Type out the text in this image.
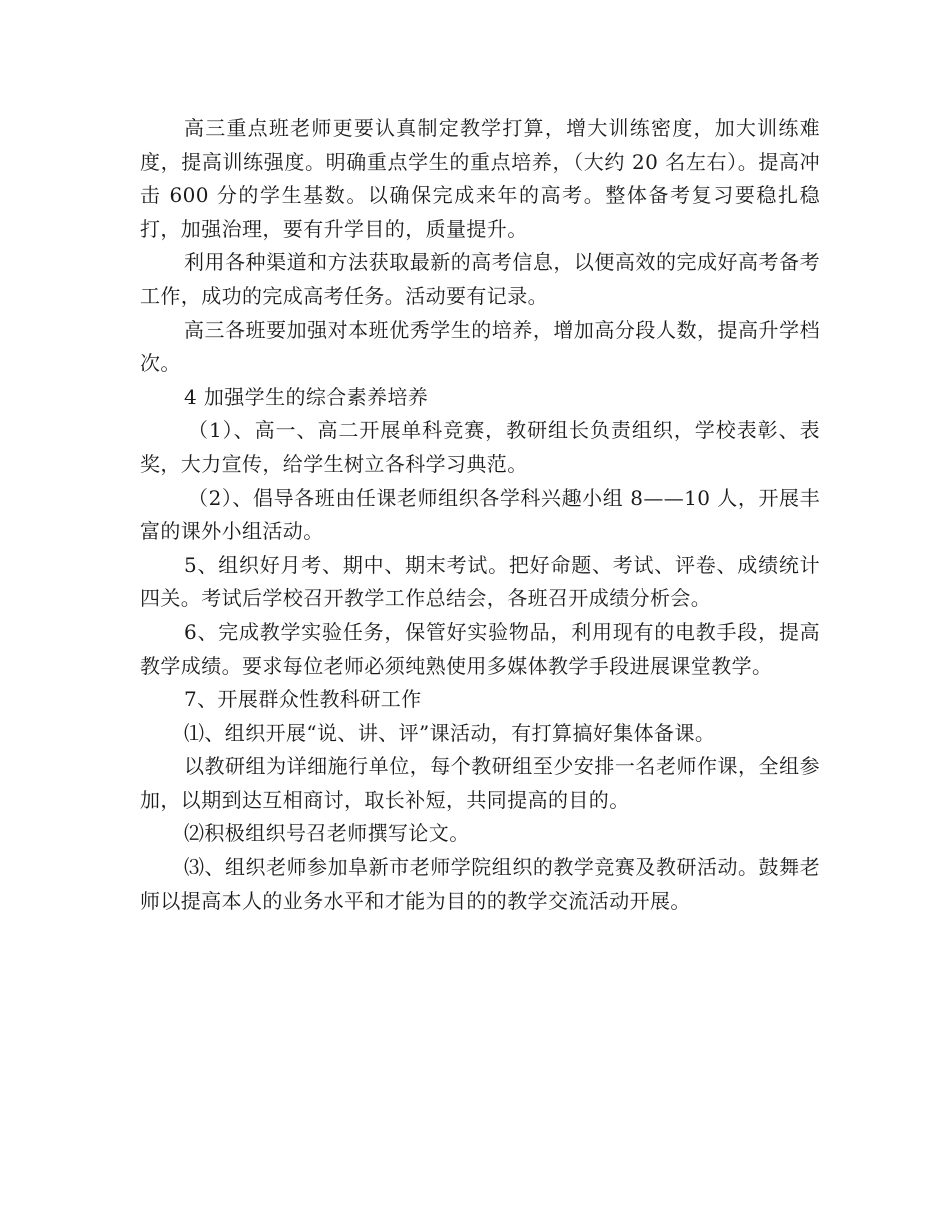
高三重点班老师更要认真制定教学打算，增大训练密度，加大训练难度，提高训练强度。明确重点学生的重点培养，（大约 20 名左右）。提高冲击 600 分的学生基数。以确保完成来年的高考。整体备考复习要稳扎稳打，加强治理，要有升学目的，质量提升。

利用各种渠道和方法获取最新的高考信息，以便高效的完成好高考备考工作，成功的完成高考任务。活动要有记录。

高三各班要加强对本班优秀学生的培养，增加高分段人数，提高升学档次。

4 加强学生的综合素养培养

（1）、高一、高二开展单科竞赛，教研组长负责组织，学校表彰、表奖，大力宣传，给学生树立各科学习典范。

（2）、倡导各班由任课老师组织各学科兴趣小组 8——10 人，开展丰富的课外小组活动。

5、组织好月考、期中、期末考试。把好命题、考试、评卷、成绩统计四关。考试后学校召开教学工作总结会，各班召开成绩分析会。

6、完成教学实验任务，保管好实验物品，利用现有的电教手段，提高教学成绩。要求每位老师必须纯熟使用多媒体教学手段进展课堂教学。

7、开展群众性教科研工作

⑴、组织开展“说、讲、评”课活动，有打算搞好集体备课。

以教研组为详细施行单位，每个教研组至少安排一名老师作课，全组参加，以期到达互相商讨，取长补短，共同提高的目的。

⑵积极组织号召老师撰写论文。

⑶、组织老师参加阜新市老师学院组织的教学竞赛及教研活动。鼓舞老师以提高本人的业务水平和才能为目的的教学交流活动开展。
